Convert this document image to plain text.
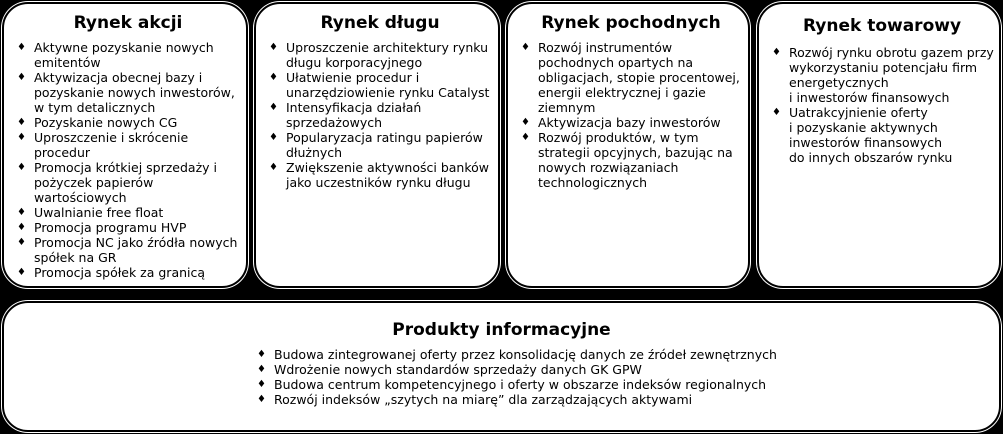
Rynek akcji
♦ Aktywne pozyskanie nowych emitentów
♦ Aktywizacja obecnej bazy i pozyskanie nowych inwestorów, w tym detalicznych
♦ Pozyskanie nowych CG
♦ Uproszczenie i skrócenie procedur
♦ Promocja krótkiej sprzedaży i pożyczek papierów wartościowych
♦ Uwalnianie free float
♦ Promocja programu HVP
♦ Promocja NC jako źródła nowych spółek na GR
♦ Promocja spółek za granicą
Rynek długu
♦ Uproszczenie architektury rynku długu korporacyjnego
♦ Ułatwienie procedur i unarzędziowienie rynku Catalyst
♦ Intensyfikacja działań sprzedażowych
♦ Popularyzacja ratingu papierów dłużnych
♦ Zwiększenie aktywności banków jako uczestników rynku długu
Rynek pochodnych
♦ Rozwój instrumentów pochodnych opartych na obligacjach, stopie procentowej, energii elektrycznej i gazie ziemnym
♦ Aktywizacja bazy inwestorów
♦ Rozwój produktów, w tym strategii opcyjnych, bazując na nowych rozwiązaniach technologicznych
Rynek towarowy
♦ Rozwój rynku obrotu gazem przy wykorzystaniu potencjału firm energetycznych
i inwestorów finansowych
♦ Uatrakcyjnienie oferty
i pozyskanie aktywnych inwestorów finansowych
do innych obszarów rynku
Produkty informacyjne
♦ Budowa zintegrowanej oferty przez konsolidację danych ze źródeł zewnętrznych
♦ Wdrożenie nowych standardów sprzedaży danych GK GPW
♦ Budowa centrum kompetencyjnego i oferty w obszarze indeksów regionalnych
♦ Rozwój indeksów „szytych na miarę” dla zarządzających aktywami
